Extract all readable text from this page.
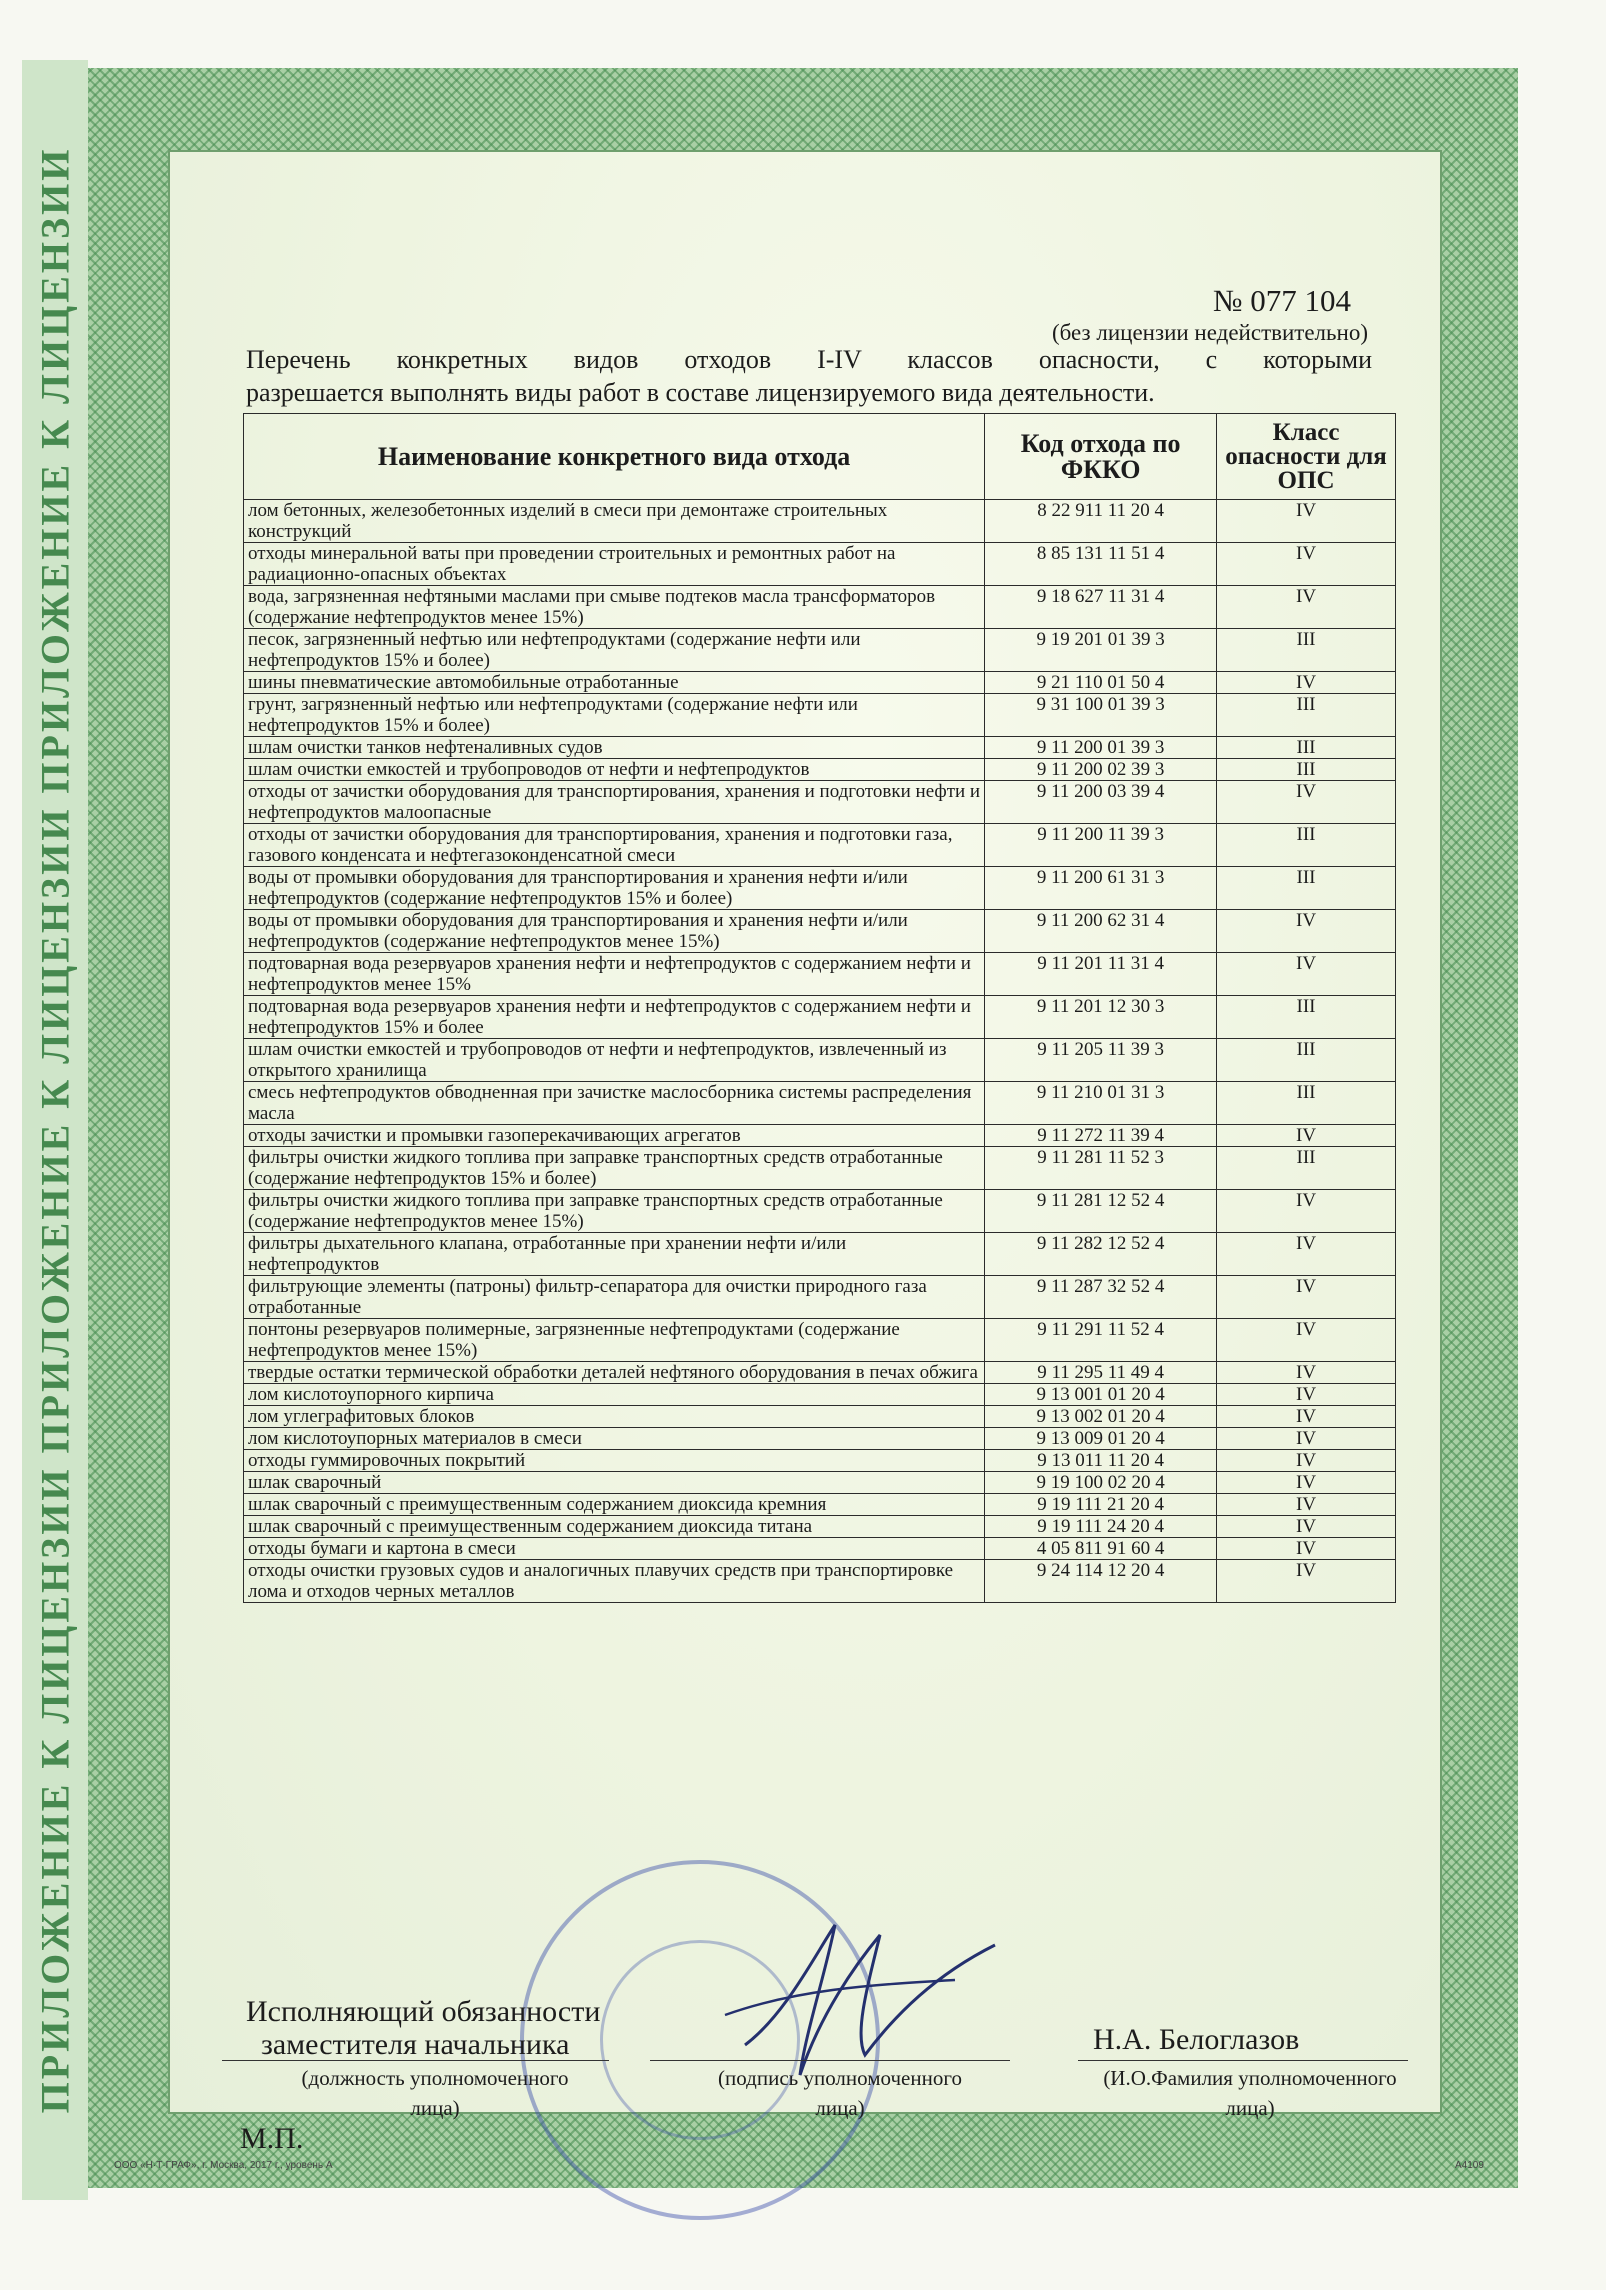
ПРИЛОЖЕНИЕ К ЛИЦЕНЗИИ ПРИЛОЖЕНИЕ К ЛИЦЕНЗИИ ПРИЛОЖЕНИЕ К ЛИЦЕНЗИИ	№ 077 104
(без лицензии недействительно)
Перечень конкретных видов отходов I-IV классов опасности, с которыми
разрешается выполнять виды работ в составе лицензируемого вида деятельности.
Наименование конкретного вида отхода	Код отхода по ФККО	Класс опасности для ОПС
лом бетонных, железобетонных изделий в смеси при демонтаже строительных конструкций	8 22 911 11 20 4	IV
отходы минеральной ваты при проведении строительных и ремонтных работ на радиационно-опасных объектах	8 85 131 11 51 4	IV
вода, загрязненная нефтяными маслами при смыве подтеков масла трансформаторов (содержание нефтепродуктов менее 15%)	9 18 627 11 31 4	IV
песок, загрязненный нефтью или нефтепродуктами (содержание нефти или нефтепродуктов 15% и более)	9 19 201 01 39 3	III
шины пневматические автомобильные отработанные	9 21 110 01 50 4	IV
грунт, загрязненный нефтью или нефтепродуктами (содержание нефти или нефтепродуктов 15% и более)	9 31 100 01 39 3	III
шлам очистки танков нефтеналивных судов	9 11 200 01 39 3	III
шлам очистки емкостей и трубопроводов от нефти и нефтепродуктов	9 11 200 02 39 3	III
отходы от зачистки оборудования для транспортирования, хранения и подготовки нефти и нефтепродуктов малоопасные	9 11 200 03 39 4	IV
отходы от зачистки оборудования для транспортирования, хранения и подготовки газа, газового конденсата и нефтегазоконденсатной смеси	9 11 200 11 39 3	III
воды от промывки оборудования для транспортирования и хранения нефти и/или нефтепродуктов (содержание нефтепродуктов 15% и более)	9 11 200 61 31 3	III
воды от промывки оборудования для транспортирования и хранения нефти и/или нефтепродуктов (содержание нефтепродуктов менее 15%)	9 11 200 62 31 4	IV
подтоварная вода резервуаров хранения нефти и нефтепродуктов с содержанием нефти и нефтепродуктов менее 15%	9 11 201 11 31 4	IV
подтоварная вода резервуаров хранения нефти и нефтепродуктов с содержанием нефти и нефтепродуктов 15% и более	9 11 201 12 30 3	III
шлам очистки емкостей и трубопроводов от нефти и нефтепродуктов, извлеченный из открытого хранилища	9 11 205 11 39 3	III
смесь нефтепродуктов обводненная при зачистке маслосборника системы распределения масла	9 11 210 01 31 3	III
отходы зачистки и промывки газоперекачивающих агрегатов	9 11 272 11 39 4	IV
фильтры очистки жидкого топлива при заправке транспортных средств отработанные (содержание нефтепродуктов 15% и более)	9 11 281 11 52 3	III
фильтры очистки жидкого топлива при заправке транспортных средств отработанные (содержание нефтепродуктов менее 15%)	9 11 281 12 52 4	IV
фильтры дыхательного клапана, отработанные при хранении нефти и/или нефтепродуктов	9 11 282 12 52 4	IV
фильтрующие элементы (патроны) фильтр-сепаратора для очистки природного газа отработанные	9 11 287 32 52 4	IV
понтоны резервуаров полимерные, загрязненные нефтепродуктами (содержание нефтепродуктов менее 15%)	9 11 291 11 52 4	IV
твердые остатки термической обработки деталей нефтяного оборудования в печах обжига	9 11 295 11 49 4	IV
лом кислотоупорного кирпича	9 13 001 01 20 4	IV
лом углеграфитовых блоков	9 13 002 01 20 4	IV
лом кислотоупорных материалов в смеси	9 13 009 01 20 4	IV
отходы гуммировочных покрытий	9 13 011 11 20 4	IV
шлак сварочный	9 19 100 02 20 4	IV
шлак сварочный с преимущественным содержанием диоксида кремния	9 19 111 21 20 4	IV
шлак сварочный с преимущественным содержанием диоксида титана	9 19 111 24 20 4	IV
отходы бумаги и картона в смеси	4 05 811 91 60 4	IV
отходы очистки грузовых судов и аналогичных плавучих средств при транспортировке лома и отходов черных металлов	9 24 114 12 20 4	IV
Исполняющий обязанности
заместителя начальника	Н.А. Белоглазов
(должность уполномоченного лица)
(подпись уполномоченного лица)
(И.О.Фамилия уполномоченного лица)
М.П.
ООО «Н·Т·ГРАФ», г. Москва, 2017 г., уровень А	А4109
